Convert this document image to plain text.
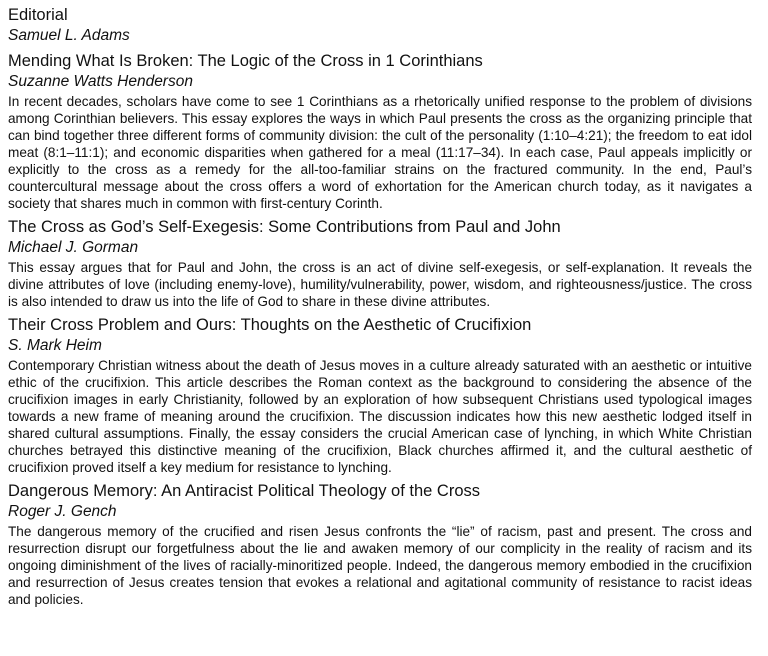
Editorial
Samuel L. Adams
Mending What Is Broken: The Logic of the Cross in 1 Corinthians
Suzanne Watts Henderson

In recent decades, scholars have come to see 1 Corinthians as a rhetorically unified response to the problem of divisions among Corinthian believers. This essay explores the ways in which Paul presents the cross as the organizing principle that can bind together three different forms of community division: the cult of the personality (1:10–4:21); the freedom to eat idol meat (8:1–11:1); and economic disparities when gathered for a meal (11:17–34). In each case, Paul appeals implicitly or explicitly to the cross as a remedy for the all-too-familiar strains on the fractured community. In the end, Paul’s countercultural message about the cross offers a word of exhortation for the American church today, as it navigates a society that shares much in common with first-century Corinth.

The Cross as God’s Self-Exegesis: Some Contributions from Paul and John
Michael J. Gorman

This essay argues that for Paul and John, the cross is an act of divine self-exegesis, or self-explanation. It reveals the divine attributes of love (including enemy-love), humility/vulnerability, power, wisdom, and righteousness/justice. The cross is also intended to draw us into the life of God to share in these divine attributes.

Their Cross Problem and Ours: Thoughts on the Aesthetic of Crucifixion
S. Mark Heim

Contemporary Christian witness about the death of Jesus moves in a culture already saturated with an aesthetic or intuitive ethic of the crucifixion. This article describes the Roman context as the background to considering the absence of the crucifixion images in early Christianity, followed by an exploration of how subsequent Christians used typological images towards a new frame of meaning around the crucifixion. The discussion indicates how this new aesthetic lodged itself in shared cultural assumptions. Finally, the essay considers the crucial American case of lynching, in which White Christian churches betrayed this distinctive meaning of the crucifixion, Black churches affirmed it, and the cultural aesthetic of crucifixion proved itself a key medium for resistance to lynching.

Dangerous Memory: An Antiracist Political Theology of the Cross
Roger J. Gench

The dangerous memory of the crucified and risen Jesus confronts the “lie” of racism, past and present. The cross and resurrection disrupt our forgetfulness about the lie and awaken memory of our complicity in the reality of racism and its ongoing diminishment of the lives of racially-minoritized people. Indeed, the dangerous memory embodied in the crucifixion and resurrection of Jesus creates tension that evokes a relational and agitational community of resistance to racist ideas and policies.
